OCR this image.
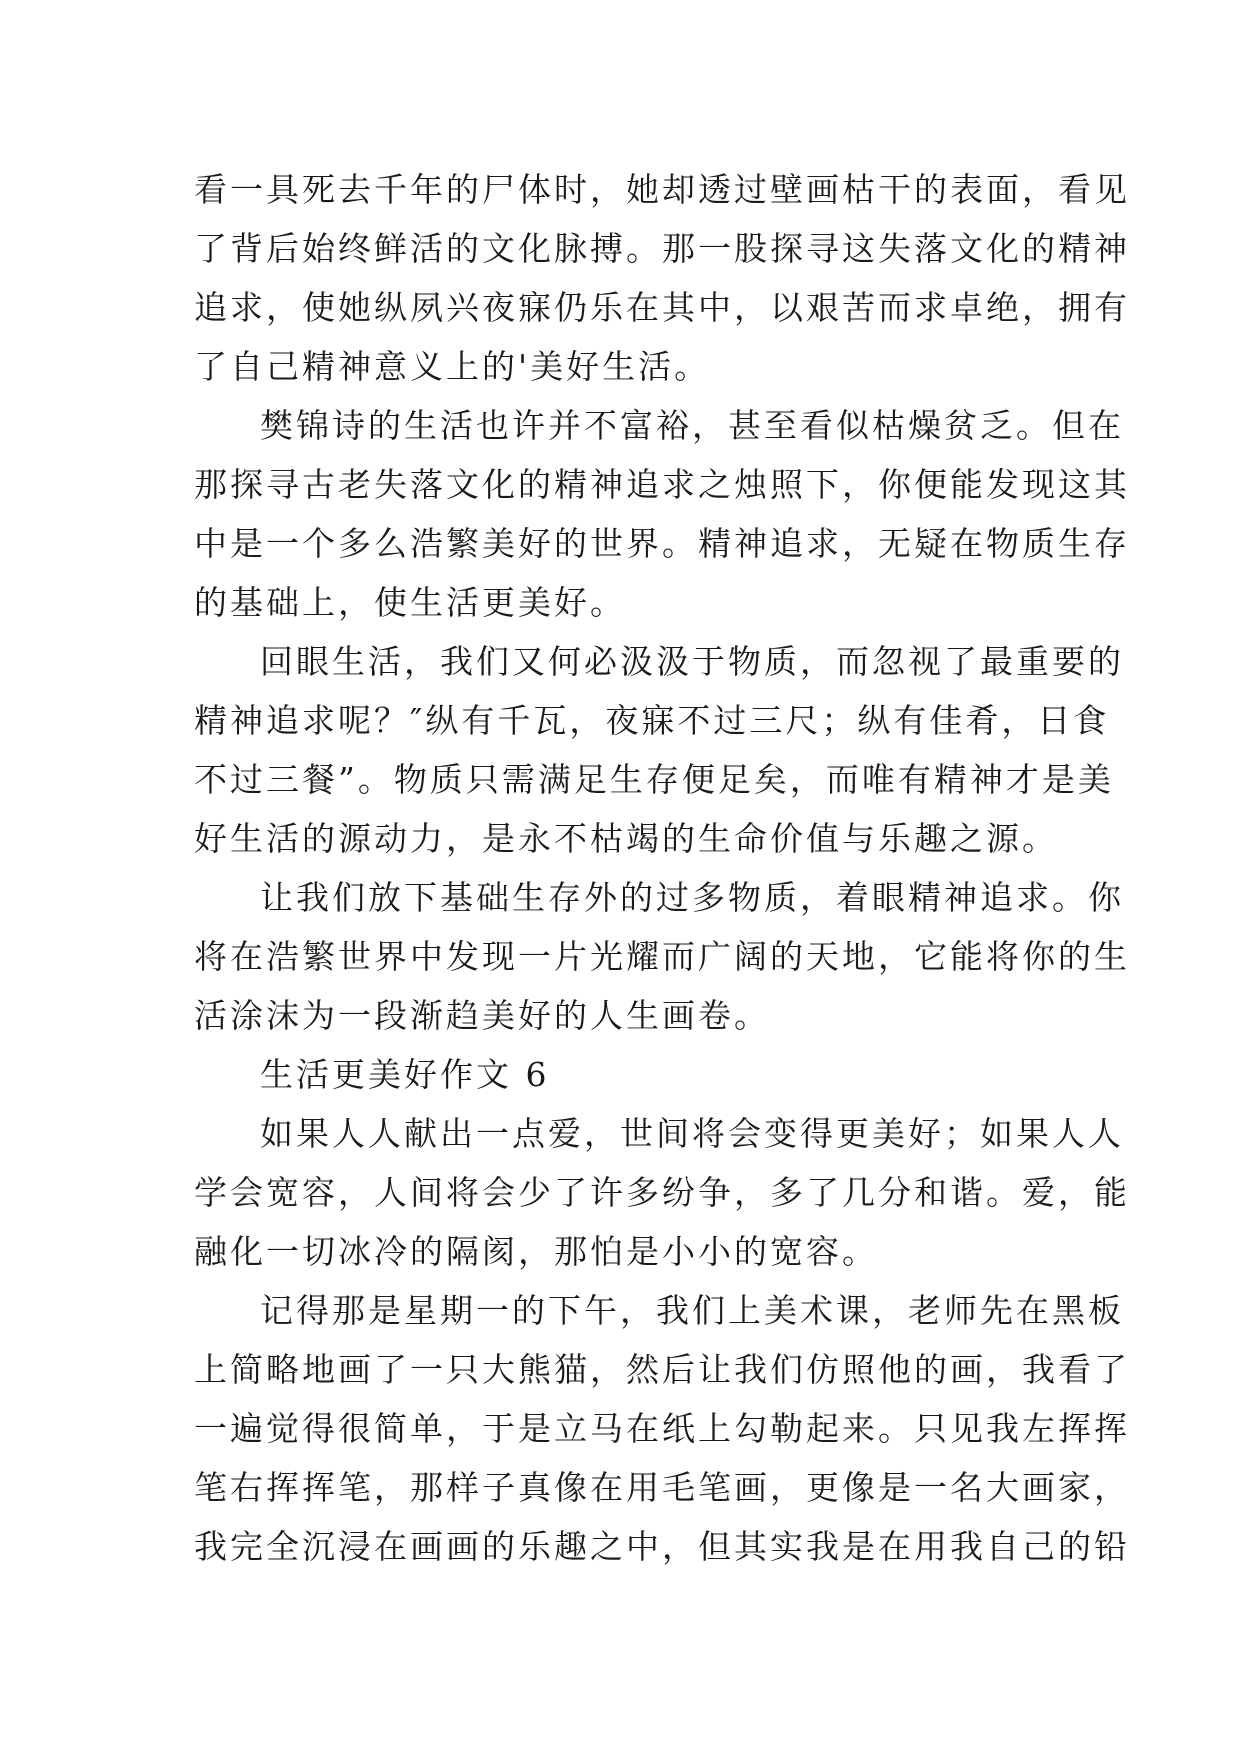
看一具死去千年的尸体时，她却透过壁画枯干的表面，看见
了背后始终鲜活的文化脉搏。那一股探寻这失落文化的精神
追求，使她纵夙兴夜寐仍乐在其中，以艰苦而求卓绝，拥有
了自己精神意义上的'美好生活。
樊锦诗的生活也许并不富裕，甚至看似枯燥贫乏。但在
那探寻古老失落文化的精神追求之烛照下，你便能发现这其
中是一个多么浩繁美好的世界。精神追求，无疑在物质生存
的基础上，使生活更美好。
回眼生活，我们又何必汲汲于物质，而忽视了最重要的
精神追求呢？″纵有千瓦，夜寐不过三尺；纵有佳肴，日食
不过三餐”。物质只需满足生存便足矣，而唯有精神才是美
好生活的源动力，是永不枯竭的生命价值与乐趣之源。
让我们放下基础生存外的过多物质，着眼精神追求。你
将在浩繁世界中发现一片光耀而广阔的天地，它能将你的生
活涂沫为一段渐趋美好的人生画卷。
生活更美好作文 6
如果人人献出一点爱，世间将会变得更美好；如果人人
学会宽容，人间将会少了许多纷争，多了几分和谐。爱，能
融化一切冰冷的隔阂，那怕是小小的宽容。
记得那是星期一的下午，我们上美术课，老师先在黑板
上简略地画了一只大熊猫，然后让我们仿照他的画，我看了
一遍觉得很简单，于是立马在纸上勾勒起来。只见我左挥挥
笔右挥挥笔，那样子真像在用毛笔画，更像是一名大画家，
我完全沉浸在画画的乐趣之中，但其实我是在用我自己的铅
